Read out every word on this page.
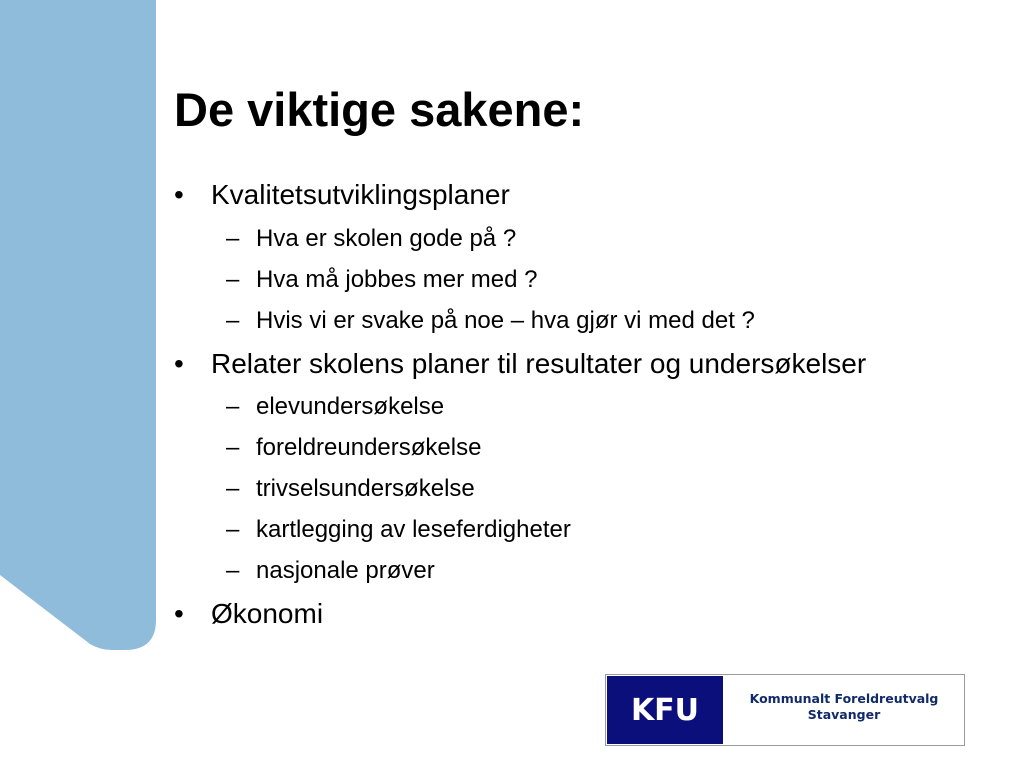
De viktige sakene:
• Kvalitetsutviklingsplaner
– Hva er skolen gode på ?
– Hva må jobbes mer med ?
– Hvis vi er svake på noe – hva gjør vi med det ?
• Relater skolens planer til resultater og undersøkelser
– elevundersøkelse
– foreldreundersøkelse
– trivselsundersøkelse
– kartlegging av leseferdigheter
– nasjonale prøver
• Økonomi
KFU	Kommunalt Foreldreutvalg
Stavanger
